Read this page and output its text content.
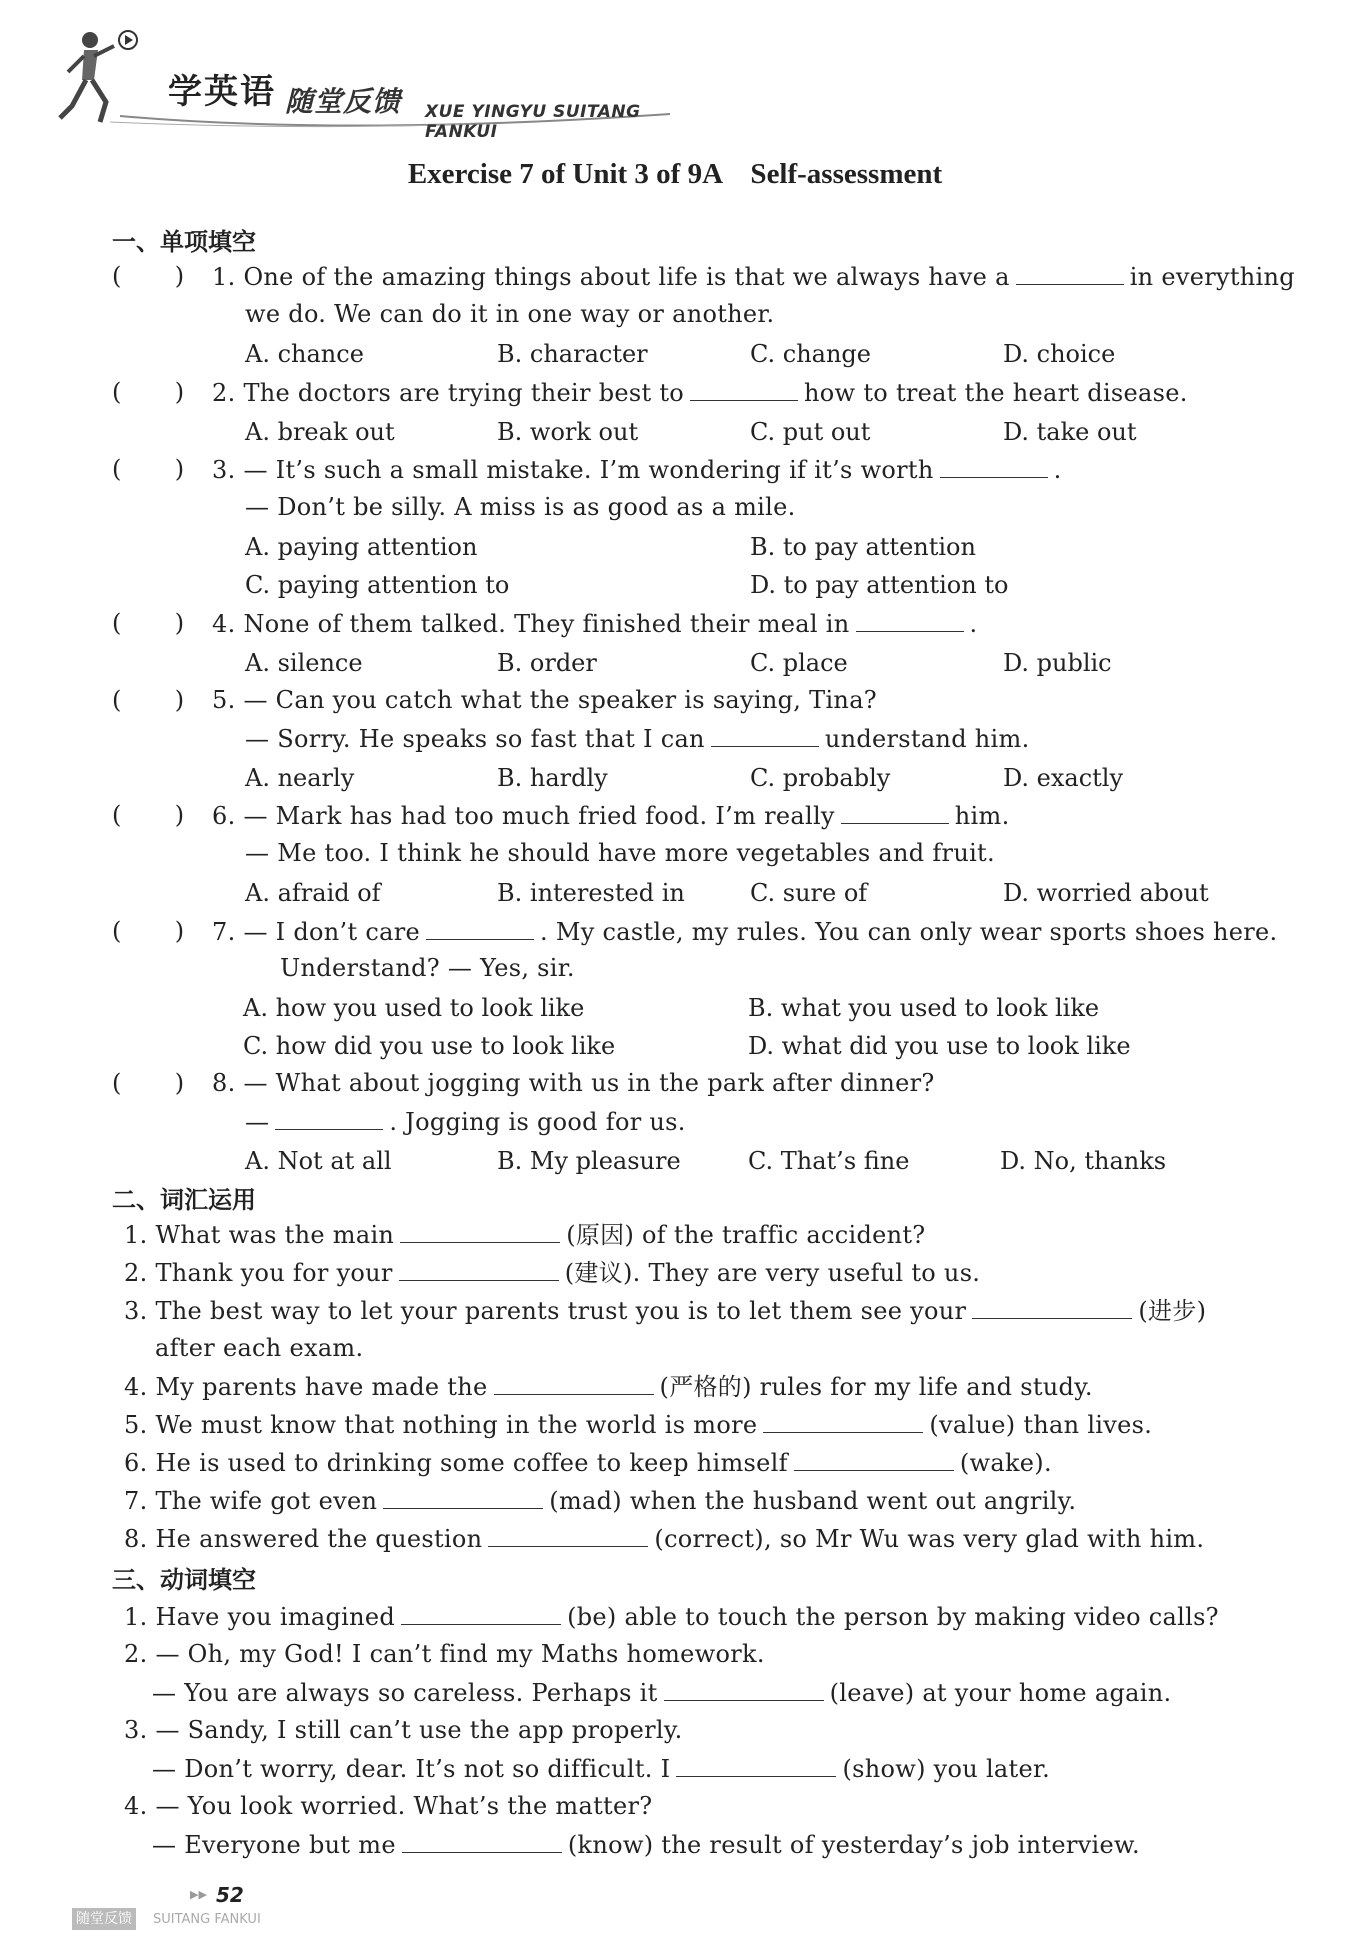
学英语 随堂反馈 XUE YINGYU SUITANG FANKUI
Exercise 7 of Unit 3 of 9A    Self-assessment
一、单项填空
(       ) 1. One of the amazing things about life is that we always have a	in everything
we do. We can do it in one way or another.
A. chance	B. character	C. change	D. choice
(       ) 2. The doctors are trying their best to	how to treat the heart disease.
A. break out	B. work out	C. put out	D. take out
(       ) 3. — It’s such a small mistake. I’m wondering if it’s worth	.
— Don’t be silly. A miss is as good as a mile.
A. paying attention	B. to pay attention
C. paying attention to	D. to pay attention to
(       ) 4. None of them talked. They finished their meal in	.
A. silence	B. order	C. place	D. public
(       ) 5. — Can you catch what the speaker is saying, Tina?
— Sorry. He speaks so fast that I can	understand him.
A. nearly	B. hardly	C. probably	D. exactly
(       ) 6. — Mark has had too much fried food. I’m really	him.
— Me too. I think he should have more vegetables and fruit.
A. afraid of	B. interested in	C. sure of	D. worried about
(       ) 7. — I don’t care	. My castle, my rules. You can only wear sports shoes here.
Understand? — Yes, sir.
A. how you used to look like	B. what you used to look like
C. how did you use to look like	D. what did you use to look like
(       ) 8. — What about jogging with us in the park after dinner?
—	. Jogging is good for us.
A. Not at all	B. My pleasure	C. That’s fine	D. No, thanks
二、词汇运用
1. What was the main	(原因) of the traffic accident?
2. Thank you for your	(建议). They are very useful to us.
3. The best way to let your parents trust you is to let them see your	(进步)
after each exam.
4. My parents have made the	(严格的) rules for my life and study.
5. We must know that nothing in the world is more	(value) than lives.
6. He is used to drinking some coffee to keep himself	(wake).
7. The wife got even	(mad) when the husband went out angrily.
8. He answered the question	(correct), so Mr Wu was very glad with him.
三、动词填空
1. Have you imagined	(be) able to touch the person by making video calls?
2. — Oh, my God! I can’t find my Maths homework.
— You are always so careless. Perhaps it	(leave) at your home again.
3. — Sandy, I still can’t use the app properly.
— Don’t worry, dear. It’s not so difficult. I	(show) you later.
4. — You look worried. What’s the matter?
— Everyone but me	(know) the result of yesterday’s job interview.
▶▶ 52
随堂反馈	SUITANG FANKUI
